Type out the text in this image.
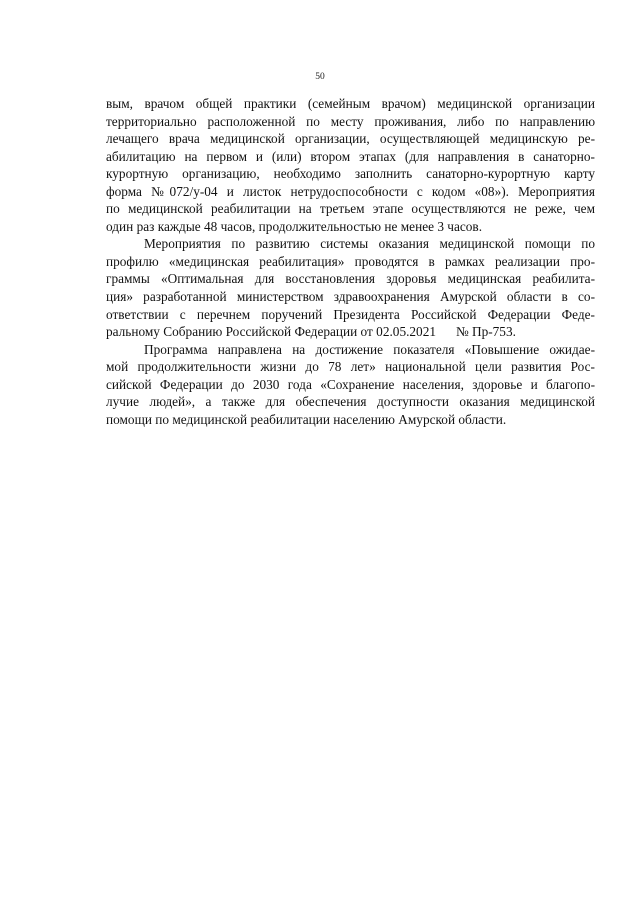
50
вым, врачом общей практики (семейным врачом) медицинской организации
территориально расположенной по месту проживания, либо по направлению
лечащего врача медицинской организации, осуществляющей медицинскую ре-
абилитацию на первом и (или) втором этапах (для направления в санаторно-
курортную организацию, необходимо заполнить санаторно-курортную карту
форма №072/у-04 и листок нетрудоспособности с кодом «08»). Мероприятия
по медицинской реабилитации на третьем этапе осуществляются не реже, чем
один раз каждые 48 часов, продолжительностью не менее 3 часов.
Мероприятия по развитию системы оказания медицинской помощи по
профилю «медицинская реабилитация» проводятся в рамках реализации про-
граммы «Оптимальная для восстановления здоровья медицинская реабилита-
ция» разработанной министерством здравоохранения Амурской области в со-
ответствии с перечнем поручений Президента Российской Федерации Феде-
ральному Собранию Российской Федерации от 02.05.2021      № Пр-753.
Программа направлена на достижение показателя «Повышение ожидае-
мой продолжительности жизни до 78 лет» национальной цели развития Рос-
сийской Федерации до 2030 года «Сохранение населения, здоровье и благопо-
лучие людей», а также для обеспечения доступности оказания медицинской
помощи по медицинской реабилитации населению Амурской области.
